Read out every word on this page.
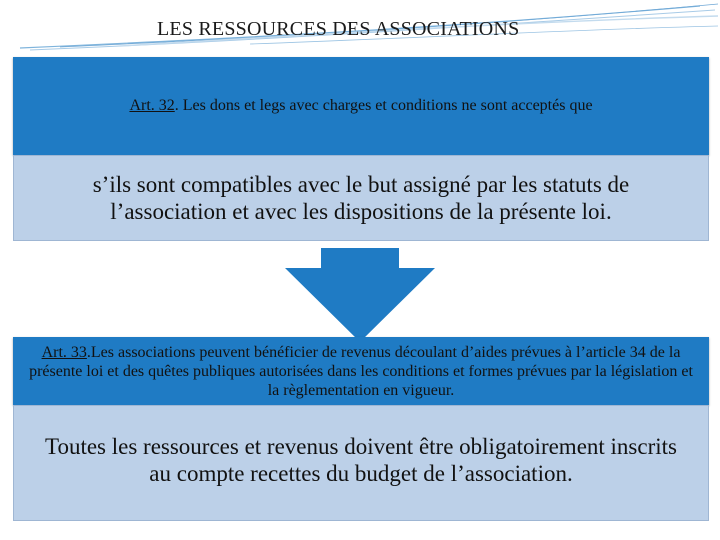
LES RESSOURCES DES ASSOCIATIONS
Art. 32. Les dons et legs avec charges et conditions ne sont acceptés que
s’ils sont compatibles avec le but assigné par les statuts de l’association et avec les dispositions de la présente loi.
Art. 33.Les associations peuvent bénéficier de revenus découlant d’aides prévues à l’article 34 de la présente loi et des quêtes publiques autorisées dans les conditions et formes prévues par la législation et la règlementation en vigueur.
Toutes les ressources et revenus doivent être obligatoirement inscrits au compte recettes du budget de l’association.
